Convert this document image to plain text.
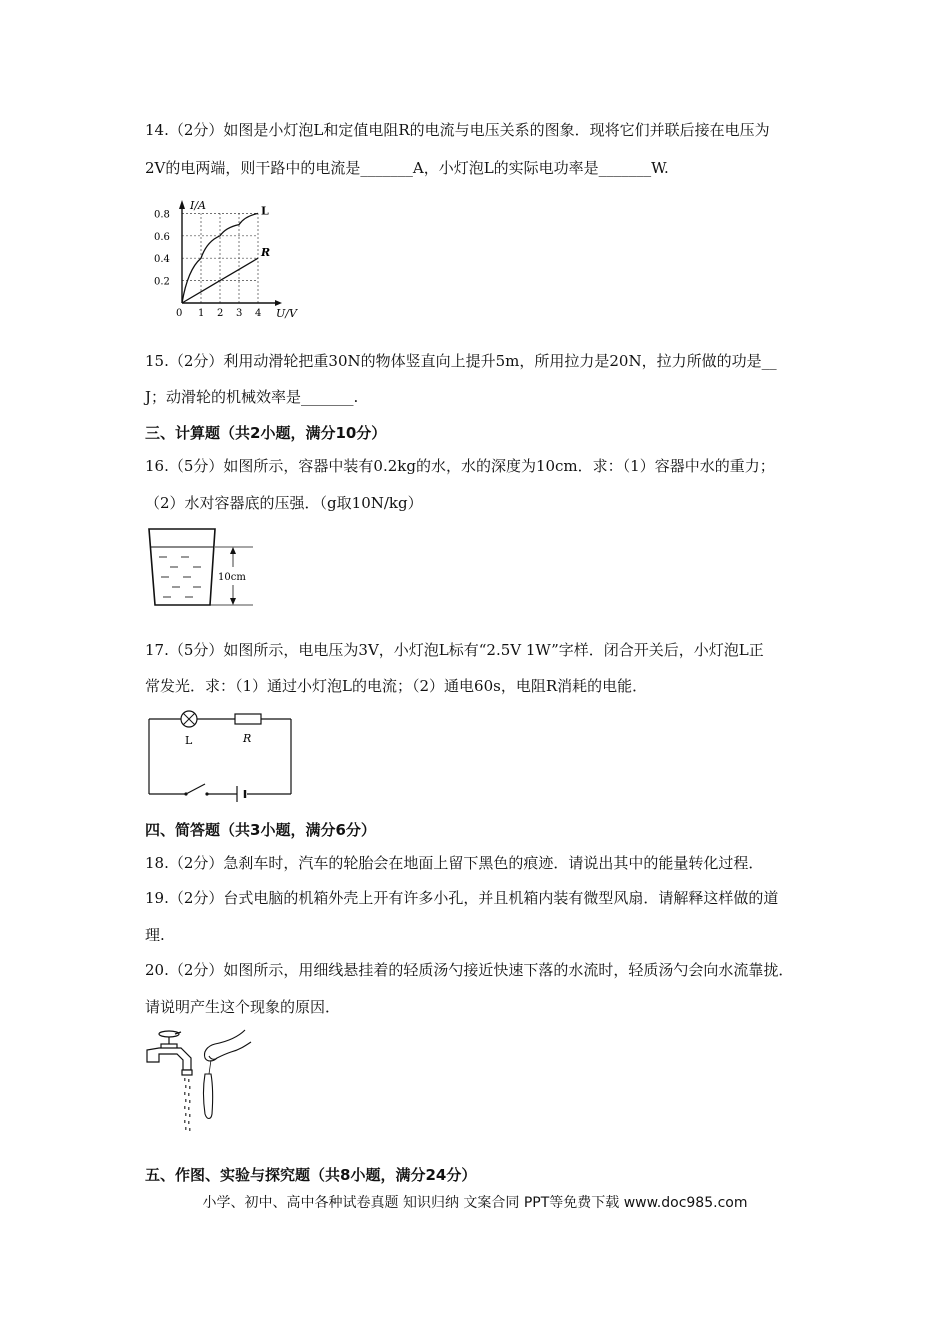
14.（2分）如图是小灯泡L和定值电阻R的电流与电压关系的图象．现将它们并联后接在电压为
2V的电两端，则干路中的电流是_______A，小灯泡L的实际电功率是_______W.
I/A
U/V
0
0.2
0.4
0.6
0.8
1 2 3 4
L
R
15.（2分）利用动滑轮把重30N的物体竖直向上提升5m，所用拉力是20N，拉力所做的功是__
J；动滑轮的机械效率是_______.
三、计算题（共2小题，满分10分）
16.（5分）如图所示，容器中装有0.2kg的水，水的深度为10cm．求：（1）容器中水的重力；
（2）水对容器底的压强．（g取10N/kg）
10cm
17.（5分）如图所示，电电压为3V，小灯泡L标有“2.5V 1W”字样．闭合开关后，小灯泡L正
常发光．求：（1）通过小灯泡L的电流；（2）通电60s，电阻R消耗的电能．
L	R
四、简答题（共3小题，满分6分）
18.（2分）急刹车时，汽车的轮胎会在地面上留下黑色的痕迹．请说出其中的能量转化过程．
19.（2分）台式电脑的机箱外壳上开有许多小孔，并且机箱内装有微型风扇．请解释这样做的道
理.
20.（2分）如图所示，用细线悬挂着的轻质汤勺接近快速下落的水流时，轻质汤勺会向水流靠拢．
请说明产生这个现象的原因．
五、作图、实验与探究题（共8小题，满分24分）
小学、初中、高中各种试卷真题 知识归纳 文案合同 PPT等免费下载 www.doc985.com
